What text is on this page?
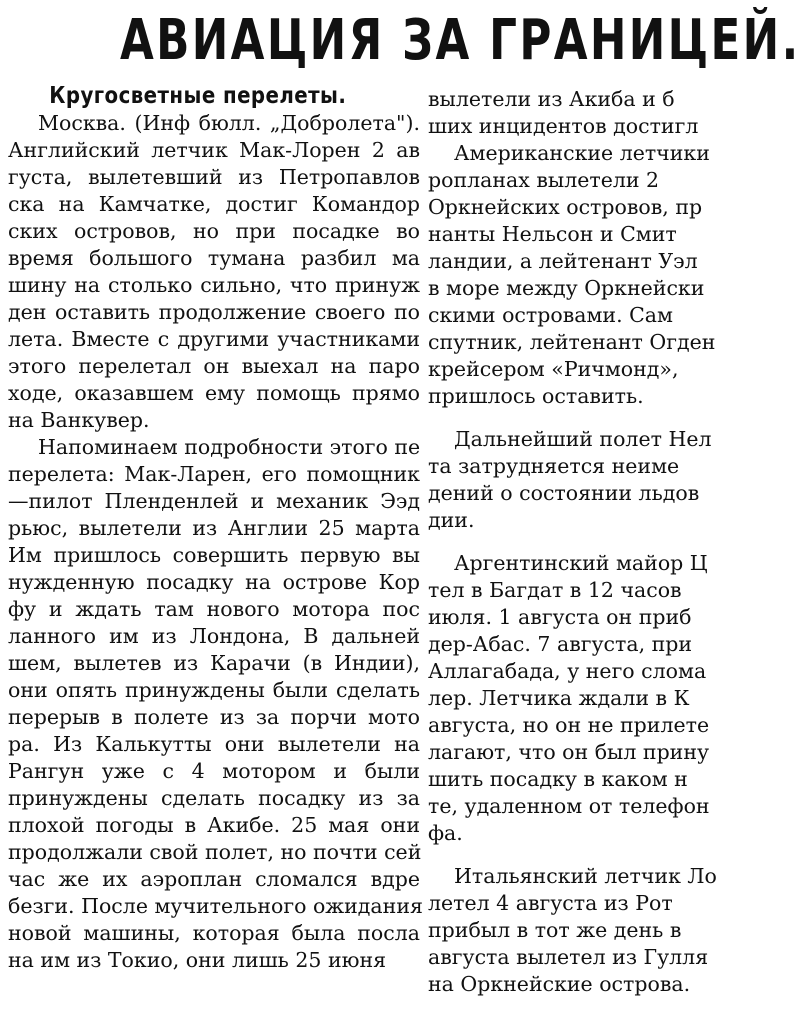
АВИАЦИЯ ЗА ГРАНИЦЕЙ.
Кругосветные перелеты.
Москва. (Инф бюлл. „Добролета").
Английский летчик Мак-Лорен 2 ав
густа, вылетевший из Петропавлов
ска на Камчатке, достиг Командор
ских островов, но при посадке во
время большого тумана разбил ма
шину на столько сильно, что принуж
ден оставить продолжение своего по
лета. Вместе с другими участниками
этого перелетал он выехал на паро
ходе, оказавшем ему помощь прямо
на Ванкувер.
Напоминаем подробности этого пе
перелета: Мак-Ларен, его помощник
—пилот Пленденлей и механик Ээд
рьюс, вылетели из Англии 25 марта
Им пришлось совершить первую вы
нужденную посадку на острове Кор
фу и ждать там нового мотора пос
ланного им из Лондона, В дальней
шем, вылетев из Карачи (в Индии),
они опять принуждены были сделать
перерыв в полете из за порчи мото
ра. Из Калькутты они вылетели на
Рангун уже с 4 мотором и были
принуждены сделать посадку из за
плохой погоды в Акибе. 25 мая они
продолжали свой полет, но почти сей
час же их аэроплан сломался вдре
безги. После мучительного ожидания
новой машины, которая была посла
на им из Токио, они лишь 25 июня
вылетели из Акиба и б
ших инцидентов достигл
Американские летчики
ропланах вылетели 2
Оркнейских островов, пр
нанты Нельсон и Смит
ландии, а лейтенант Уэл
в море между Оркнейски
скими островами. Сам
спутник, лейтенант Огден
крейсером «Ричмонд»,
пришлось оставить.
Дальнейший полет Нел
та затрудняется неиме
дений о состоянии льдов
дии.
Аргентинский майор Ц
тел в Багдат в 12 часов
июля. 1 августа он приб
дер-Абас. 7 августа, при
Аллагабада, у него слома
лер. Летчика ждали в К
августа, но он не прилете
лагают, что он был прину
шить посадку в каком н
те, удаленном от телефон
фа.
Итальянский летчик Ло
летел 4 августа из Рот
прибыл в тот же день в
августа вылетел из Гулля
на Оркнейские острова.
